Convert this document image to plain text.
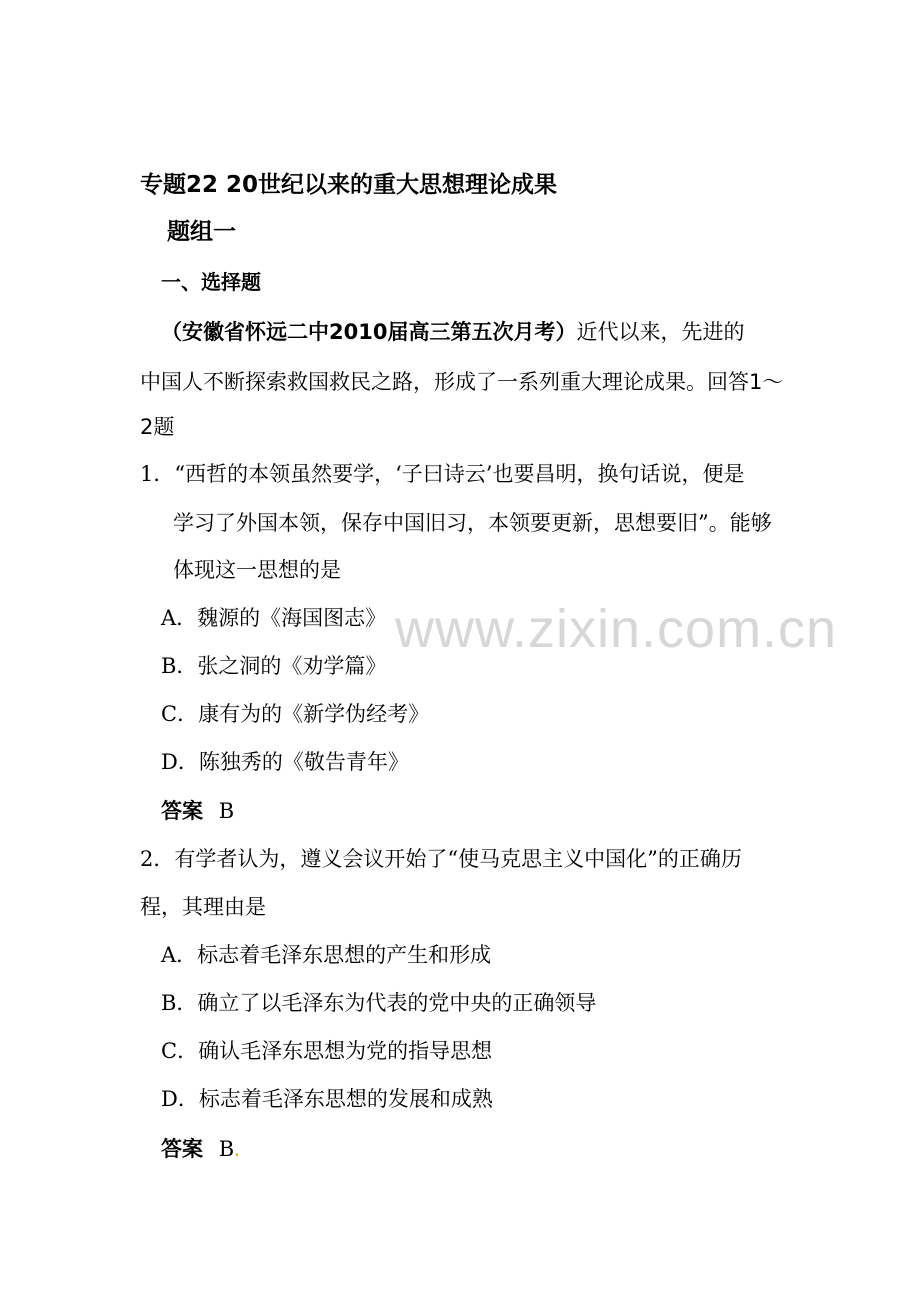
专题22 20世纪以来的重大思想理论成果
题组一
一、选择题
（安徽省怀远二中2010届高三第五次月考）近代以来，先进的
中国人不断探索救国救民之路，形成了一系列重大理论成果。回答1～
2题
1．“西哲的本领虽然要学，‘子曰诗云’也要昌明，换句话说，便是
学习了外国本领，保存中国旧习，本领要更新，思想要旧”。能够
体现这一思想的是
A．魏源的《海国图志》
B．张之洞的《劝学篇》
C．康有为的《新学伪经考》
D．陈独秀的《敬告青年》
答案 B
2．有学者认为，遵义会议开始了“使马克思主义中国化”的正确历
程，其理由是
A．标志着毛泽东思想的产生和形成
B．确立了以毛泽东为代表的党中央的正确领导
C．确认毛泽东思想为党的指导思想
D．标志着毛泽东思想的发展和成熟
答案 B.
www.zixin.com.cn
